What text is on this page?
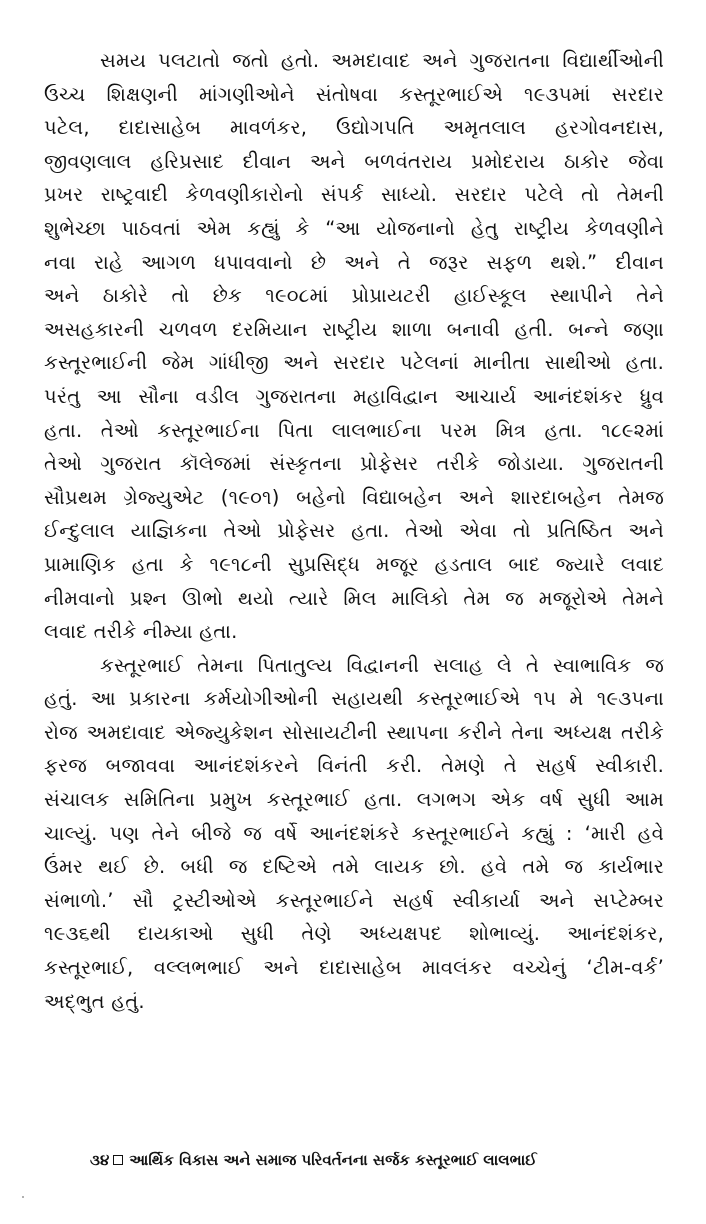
સમય પલટાતો જતો હતો. અમદાવાદ અને ગુજરાતના વિદ્યાર્થીઓની
ઉચ્ચ શિક્ષણની માંગણીઓને સંતોષવા કસ્તૂરભાઈએ ૧૯૩૫માં સરદાર
પટેલ, દાદાસાહેબ માવળંકર, ઉદ્યોગપતિ અમૃતલાલ હરગોવનદાસ,
જીવણલાલ હરિપ્રસાદ દીવાન અને બળવંતરાય પ્રમોદરાય ઠાકોર જેવા
પ્રખર રાષ્ટ્રવાદી કેળવણીકારોનો સંપર્ક સાધ્યો. સરદાર પટેલે તો તેમની
શુભેચ્છા પાઠવતાં એમ કહ્યું કે “આ યોજનાનો હેતુ રાષ્ટ્રીય કેળવણીને
નવા રાહે આગળ ધપાવવાનો છે અને તે જરૂર સફળ થશે.” દીવાન
અને ઠાકોરે તો છેક ૧૯૦૮માં પ્રોપ્રાયટરી હાઈસ્કૂલ સ્થાપીને તેને
અસહકારની ચળવળ દરમિયાન રાષ્ટ્રીય શાળા બનાવી હતી. બન્ને જણા
કસ્તૂરભાઈની જેમ ગાંધીજી અને સરદાર પટેલનાં માનીતા સાથીઓ હતા.
પરંતુ આ સૌના વડીલ ગુજરાતના મહાવિદ્વાન આચાર્ય આનંદશંકર ધ્રુવ
હતા. તેઓ કસ્તૂરભાઈના પિતા લાલભાઈના પરમ મિત્ર હતા. ૧૮૯૨માં
તેઓ ગુજરાત કૉલેજમાં સંસ્કૃતના પ્રોફેસર તરીકે જોડાયા. ગુજરાતની
સૌપ્રથમ ગ્રેજ્યુએટ (૧૯૦૧) બહેનો વિદ્યાબહેન અને શારદાબહેન તેમજ
ઈન્દુલાલ યાજ્ઞિકના તેઓ પ્રોફેસર હતા. તેઓ એવા તો પ્રતિષ્ઠિત અને
પ્રામાણિક હતા કે ૧૯૧૮ની સુપ્રસિદ્ધ મજૂર હડતાલ બાદ જ્યારે લવાદ
નીમવાનો પ્રશ્ન ઊભો થયો ત્યારે મિલ માલિકો તેમ જ મજૂરોએ તેમને
લવાદ તરીકે નીમ્યા હતા.
કસ્તૂરભાઈ તેમના પિતાતુલ્ય વિદ્વાનની સલાહ લે તે સ્વાભાવિક જ
હતું. આ પ્રકારના કર્મયોગીઓની સહાયથી કસ્તૂરભાઈએ ૧૫ મે ૧૯૩૫ના
રોજ અમદાવાદ એજ્યુકેશન સોસાયટીની સ્થાપના કરીને તેના અધ્યક્ષ તરીકે
ફરજ બજાવવા આનંદશંકરને વિનંતી કરી. તેમણે તે સહર્ષ સ્વીકારી.
સંચાલક સમિતિના પ્રમુખ કસ્તૂરભાઈ હતા. લગભગ એક વર્ષ સુધી આમ
ચાલ્યું. પણ તેને બીજે જ વર્ષે આનંદશંકરે કસ્તૂરભાઈને કહ્યું : ‘મારી હવે
ઉંમર થઈ છે. બધી જ દષ્ટિએ તમે લાયક છો. હવે તમે જ કાર્યભાર
સંભાળો.’ સૌ ટ્રસ્ટીઓએ કસ્તૂરભાઈને સહર્ષ સ્વીકાર્યા અને સપ્ટેમ્બર
૧૯૩૬થી દાયકાઓ સુધી તેણે અધ્યક્ષપદ શોભાવ્યું. આનંદશંકર,
કસ્તૂરભાઈ, વલ્લભભાઈ અને દાદાસાહેબ માવલંકર વચ્ચેનું ‘ટીમ-વર્ક’
અદ્‌ભુત હતું.
૩૪ આર્થિક વિકાસ અને સમાજ પરિવર્તનના સર્જક કસ્તૂરભાઈ લાલભાઈ
